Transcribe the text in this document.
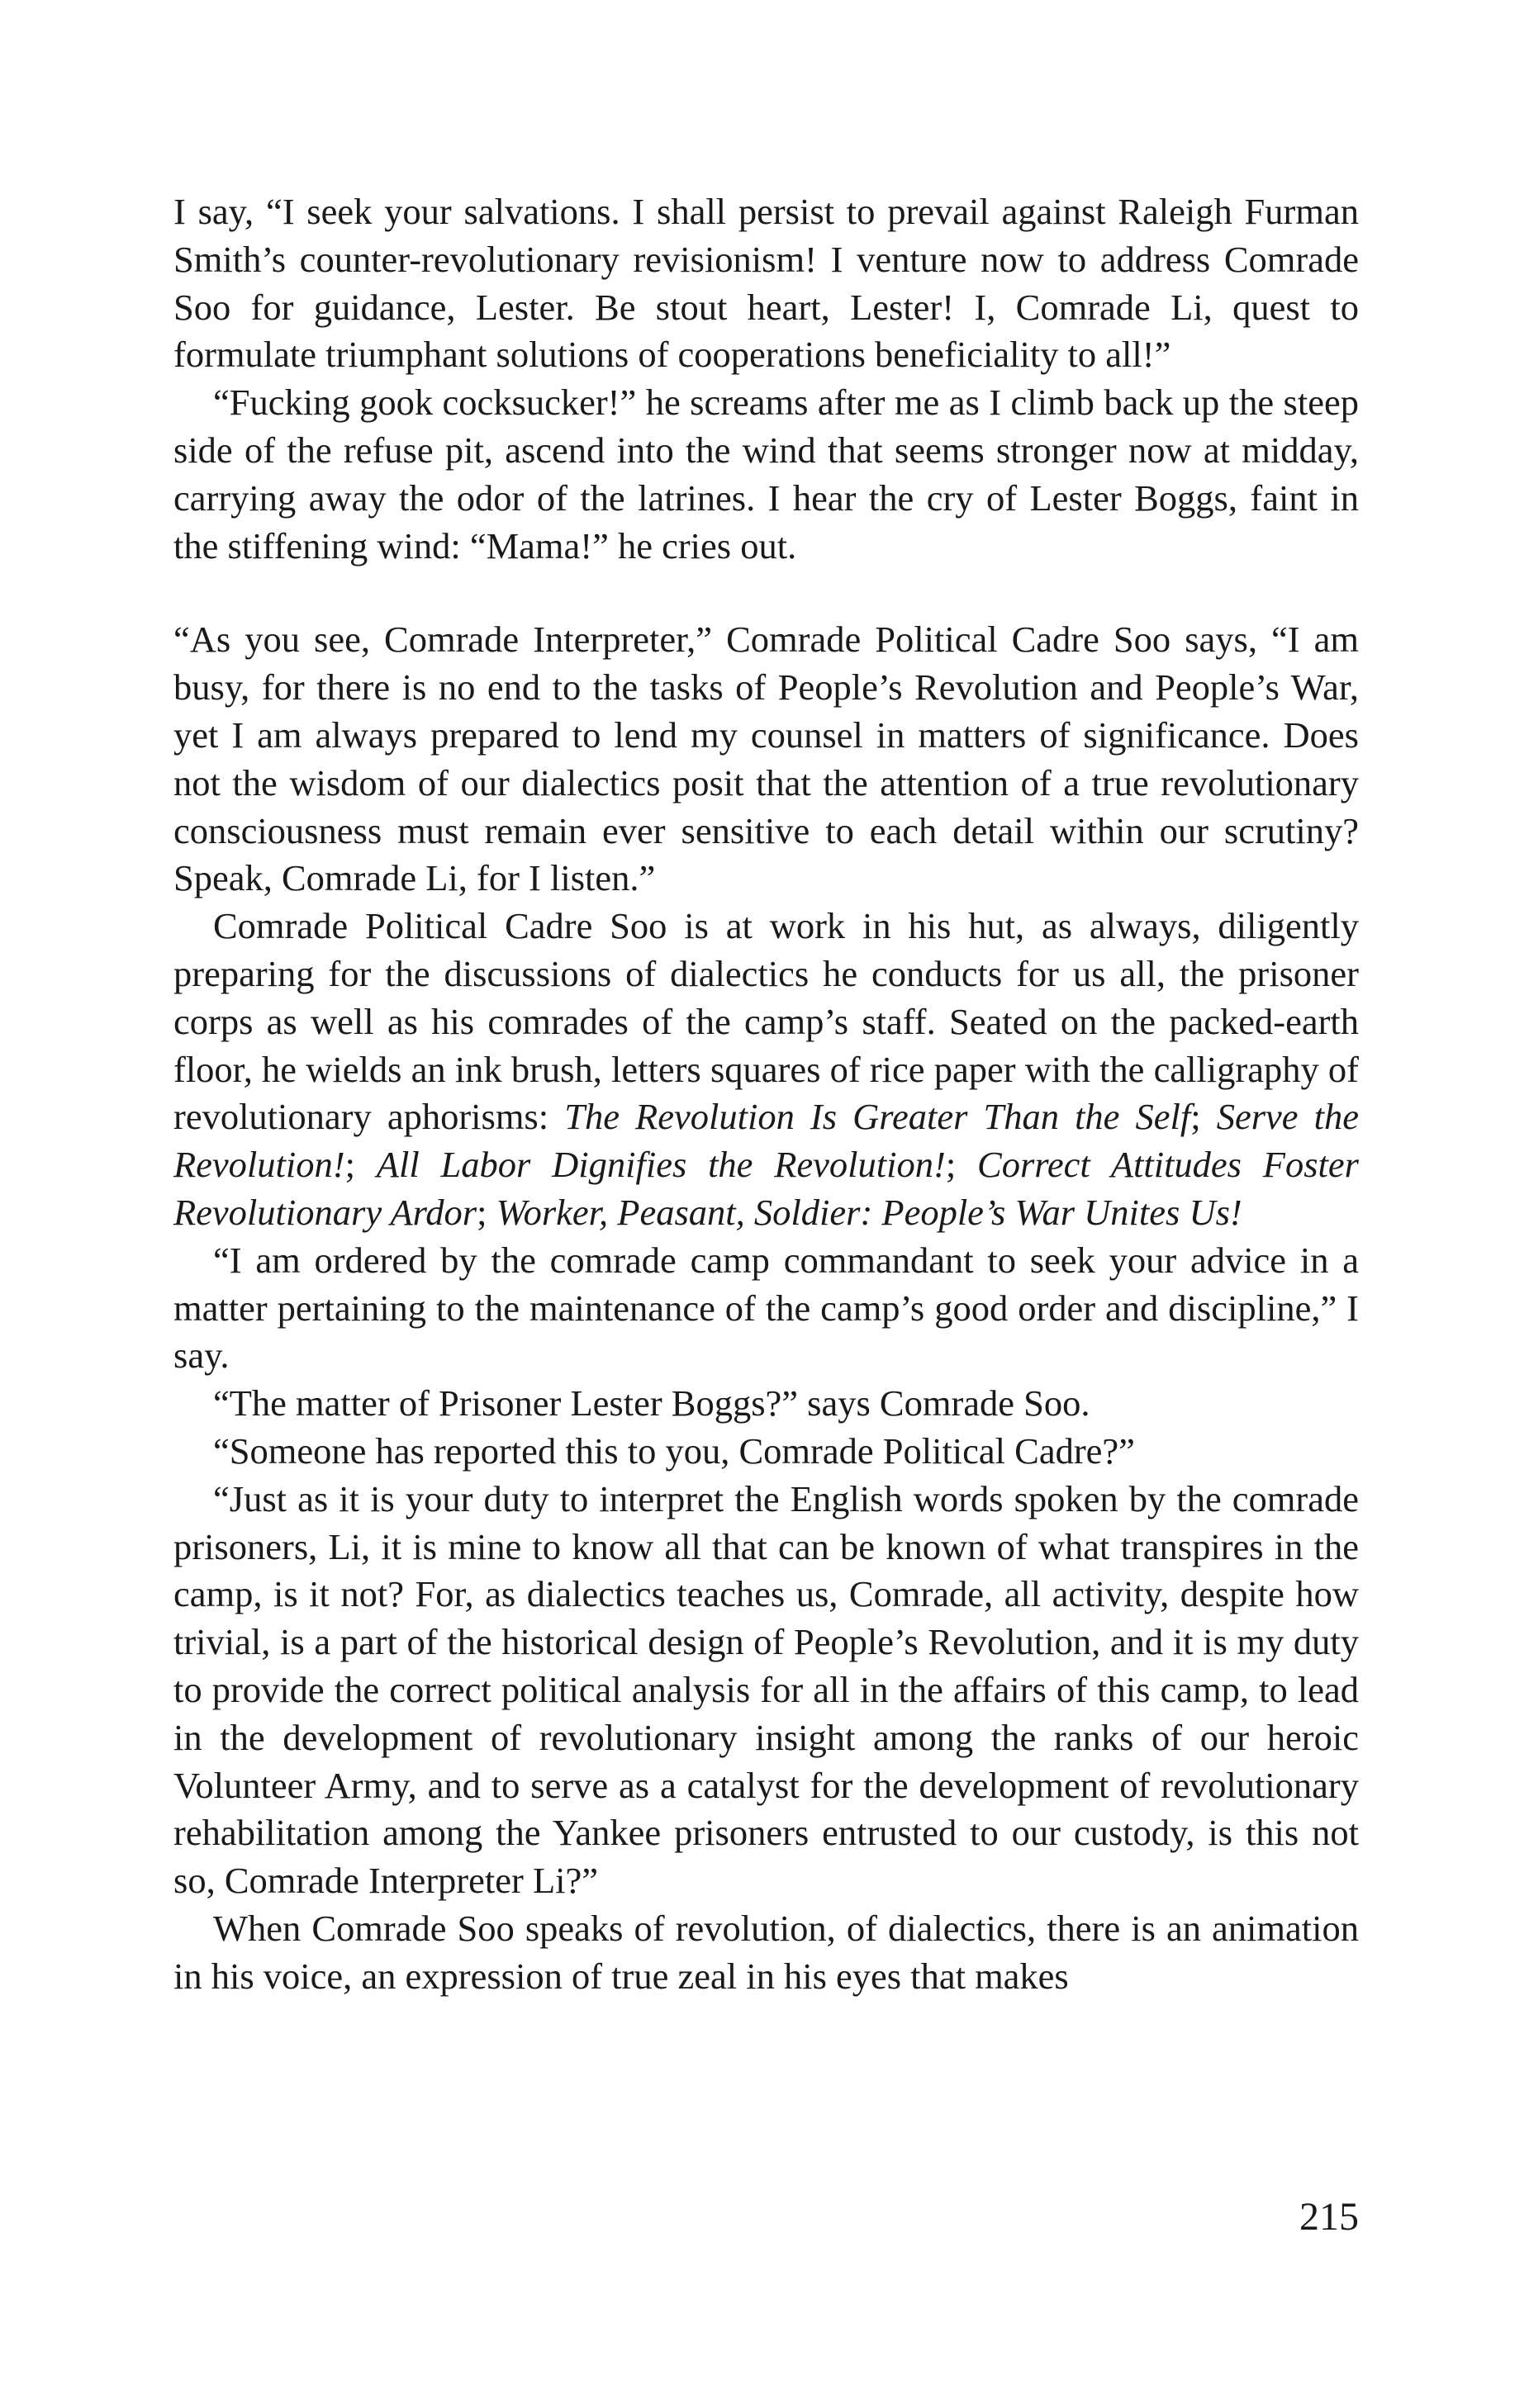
I say, “I seek your salvations. I shall persist to prevail against Raleigh Furman Smith’s counter-revolutionary revisionism! I venture now to address Comrade Soo for guidance, Lester. Be stout heart, Lester! I, Comrade Li, quest to formulate triumphant solutions of cooperations beneficiality to all!”

“Fucking gook cocksucker!” he screams after me as I climb back up the steep side of the refuse pit, ascend into the wind that seems stronger now at midday, carrying away the odor of the latrines. I hear the cry of Lester Boggs, faint in the stiffening wind: “Mama!” he cries out.

“As you see, Comrade Interpreter,” Comrade Political Cadre Soo says, “I am busy, for there is no end to the tasks of People’s Revolution and People’s War, yet I am always prepared to lend my counsel in matters of significance. Does not the wisdom of our dialectics posit that the attention of a true revolutionary consciousness must remain ever sensitive to each detail within our scrutiny? Speak, Comrade Li, for I listen.”

Comrade Political Cadre Soo is at work in his hut, as always, diligently preparing for the discussions of dialectics he conducts for us all, the prisoner corps as well as his comrades of the camp’s staff. Seated on the packed-earth floor, he wields an ink brush, letters squares of rice paper with the calligraphy of revolutionary aphorisms: The Revolution Is Greater Than the Self; Serve the Revolution!; All Labor Dignifies the Revolution!; Correct Attitudes Foster Revolutionary Ardor; Worker, Peasant, Soldier: People’s War Unites Us!

“I am ordered by the comrade camp commandant to seek your advice in a matter pertaining to the maintenance of the camp’s good order and discipline,” I say.

“The matter of Prisoner Lester Boggs?” says Comrade Soo.

“Someone has reported this to you, Comrade Political Cadre?”

“Just as it is your duty to interpret the English words spoken by the comrade prisoners, Li, it is mine to know all that can be known of what transpires in the camp, is it not? For, as dialectics teaches us, Comrade, all activity, despite how trivial, is a part of the historical design of People’s Revolution, and it is my duty to provide the correct political analysis for all in the affairs of this camp, to lead in the development of revolutionary insight among the ranks of our heroic Volunteer Army, and to serve as a catalyst for the development of revolutionary rehabilitation among the Yankee prisoners entrusted to our custody, is this not so, Comrade Interpreter Li?”

When Comrade Soo speaks of revolution, of dialectics, there is an animation in his voice, an expression of true zeal in his eyes that makes

215
